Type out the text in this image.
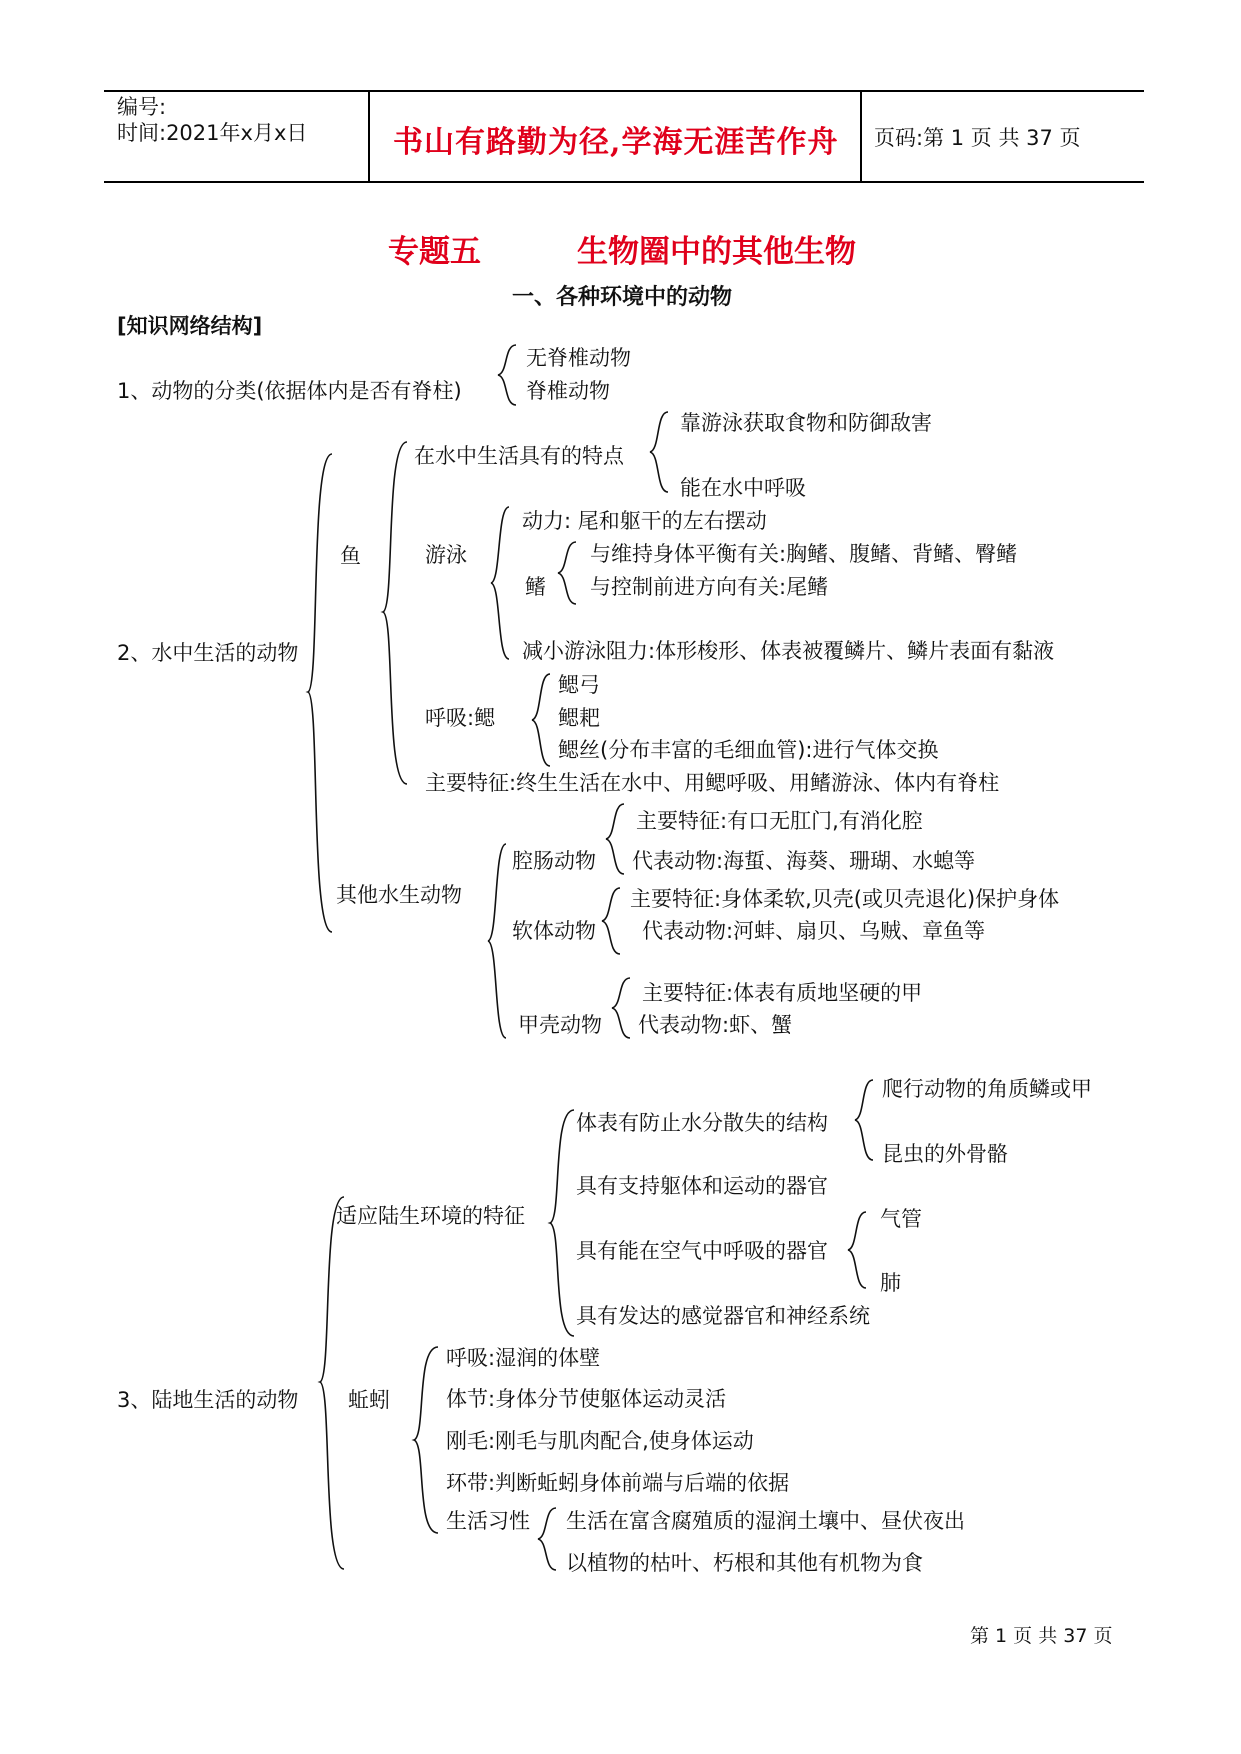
编号:
时间:2021年x月x日	书山有路勤为径,学海无涯苦作舟 页码:第 1 页 共 37 页
专题五	生物圈中的其他生物
一、各种环境中的动物
[知识网络结构]
1、动物的分类(依据体内是否有脊柱)
无脊椎动物
脊椎动物
2、水中生活的动物
鱼
在水中生活具有的特点
靠游泳获取食物和防御敌害
能在水中呼吸
游泳
动力: 尾和躯干的左右摆动
鳍
与维持身体平衡有关:胸鳍、腹鳍、背鳍、臀鳍
与控制前进方向有关:尾鳍
减小游泳阻力:体形梭形、体表被覆鳞片、鳞片表面有黏液
呼吸:鳃
鳃弓
鳃耙
鳃丝(分布丰富的毛细血管):进行气体交换
主要特征:终生生活在水中、用鳃呼吸、用鳍游泳、体内有脊柱
其他水生动物
腔肠动物
主要特征:有口无肛门,有消化腔
代表动物:海蜇、海葵、珊瑚、水螅等
软体动物
主要特征:身体柔软,贝壳(或贝壳退化)保护身体
代表动物:河蚌、扇贝、乌贼、章鱼等
甲壳动物
主要特征:体表有质地坚硬的甲
代表动物:虾、蟹
3、陆地生活的动物
适应陆生环境的特征
体表有防止水分散失的结构
爬行动物的角质鳞或甲
昆虫的外骨骼
具有支持躯体和运动的器官
具有能在空气中呼吸的器官
气管
肺
具有发达的感觉器官和神经系统
蚯蚓
呼吸:湿润的体壁
体节:身体分节使躯体运动灵活
刚毛:刚毛与肌肉配合,使身体运动
环带:判断蚯蚓身体前端与后端的依据
生活习性 生活在富含腐殖质的湿润土壤中、昼伏夜出
以植物的枯叶、朽根和其他有机物为食
第 1 页 共 37 页
